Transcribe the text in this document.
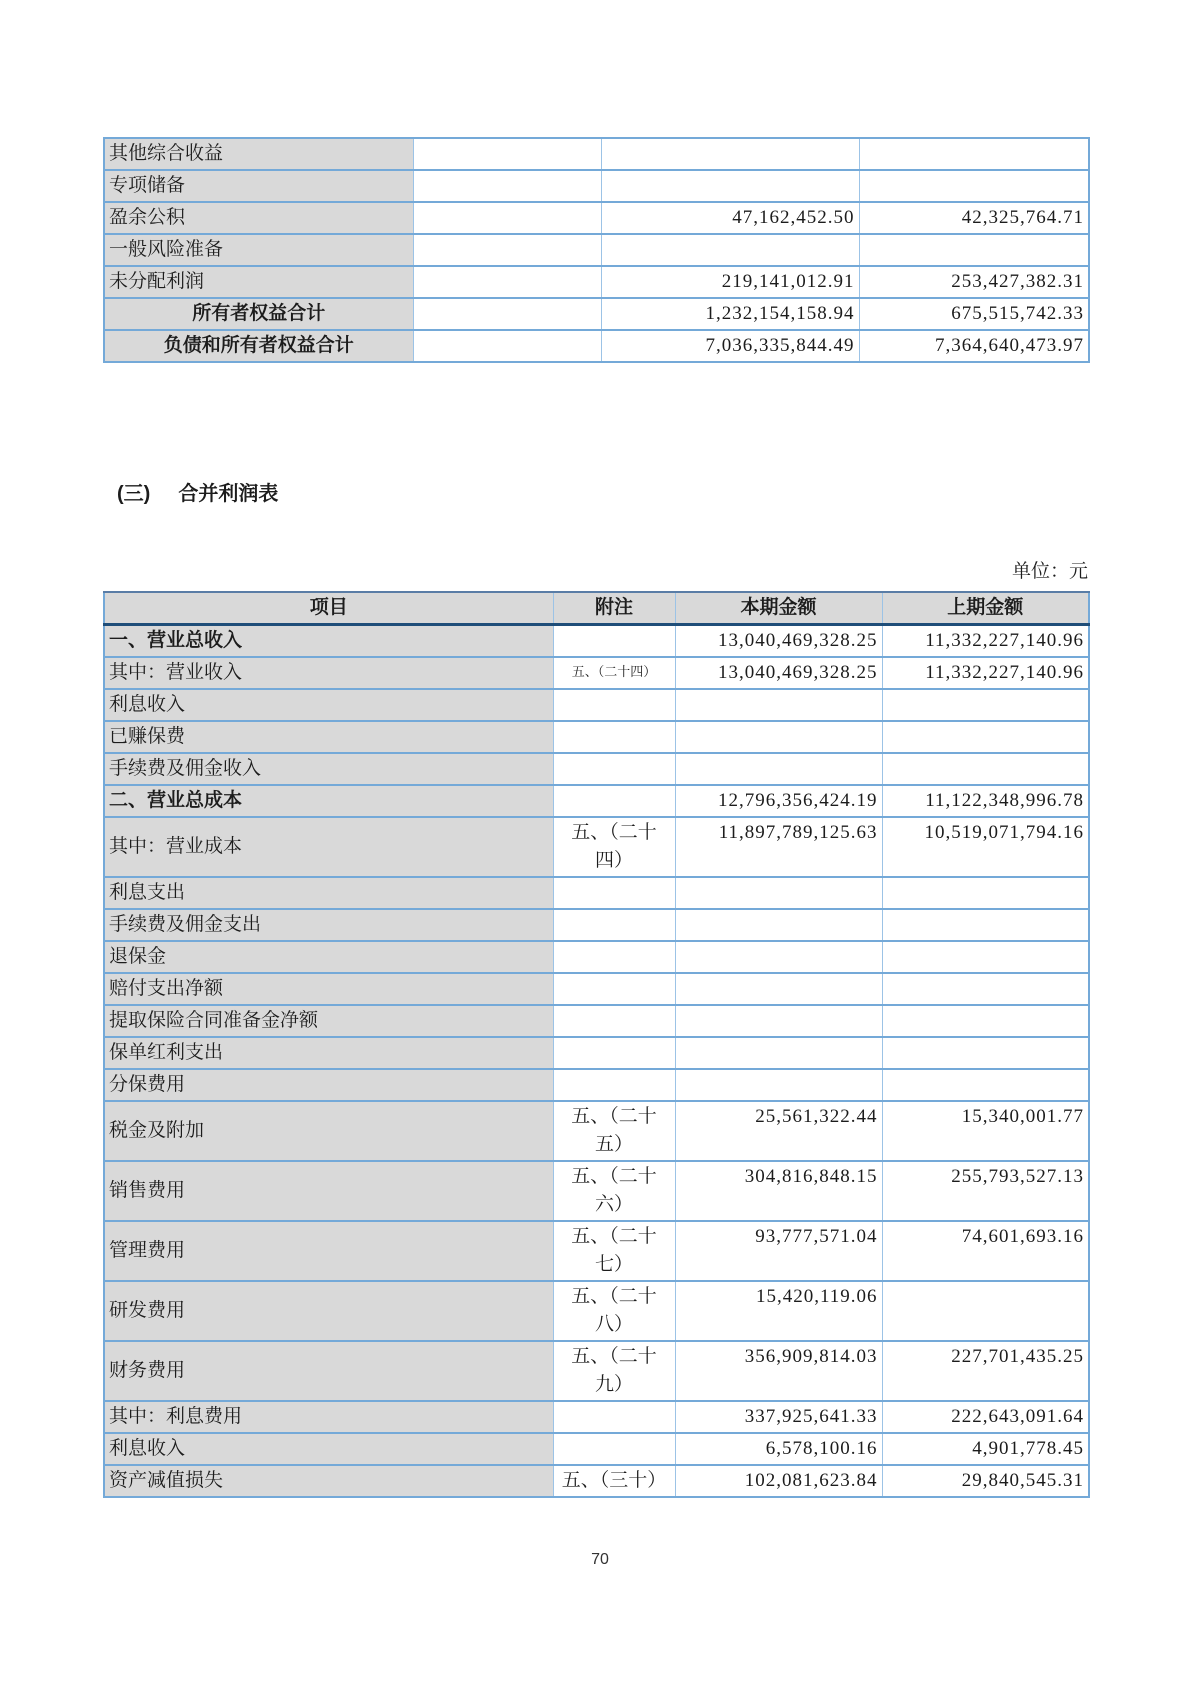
其他综合收益			
专项储备			
盈余公积		47,162,452.50	42,325,764.71
一般风险准备			
未分配利润		219,141,012.91	253,427,382.31
所有者权益合计		1,232,154,158.94	675,515,742.33
负债和所有者权益合计		7,036,335,844.49	7,364,640,473.97
(三) 合并利润表
单位：元
项目	附注	本期金额	上期金额
一、营业总收入		13,040,469,328.25	11,332,227,140.96
其中：营业收入	五、（二十四）	13,040,469,328.25	11,332,227,140.96
利息收入			
已赚保费			
手续费及佣金收入			
二、营业总成本		12,796,356,424.19	11,122,348,996.78
其中：营业成本	五、（二十四）	11,897,789,125.63	10,519,071,794.16
利息支出			
手续费及佣金支出			
退保金			
赔付支出净额			
提取保险合同准备金净额			
保单红利支出			
分保费用			
税金及附加	五、（二十五）	25,561,322.44	15,340,001.77
销售费用	五、（二十六）	304,816,848.15	255,793,527.13
管理费用	五、（二十七）	93,777,571.04	74,601,693.16
研发费用	五、（二十八）	15,420,119.06	
财务费用	五、（二十九）	356,909,814.03	227,701,435.25
其中：利息费用		337,925,641.33	222,643,091.64
利息收入		6,578,100.16	4,901,778.45
资产减值损失	五、（三十）	102,081,623.84	29,840,545.31
70
